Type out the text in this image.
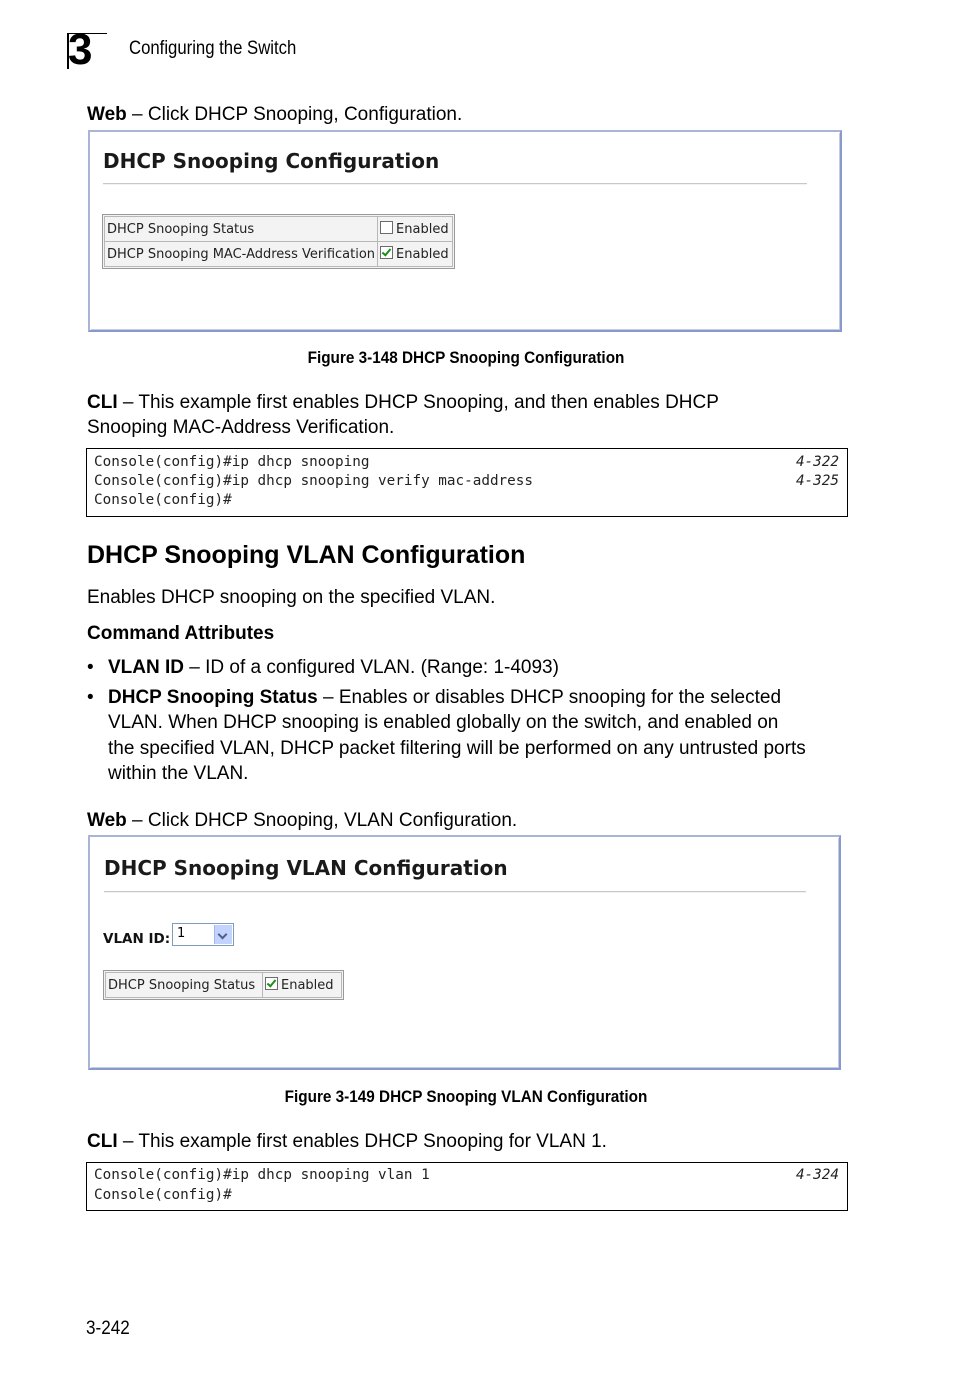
3	Configuring the Switch
Web – Click DHCP Snooping, Configuration.
DHCP Snooping Configuration
DHCP Snooping Status	Enabled
DHCP Snooping MAC-Address Verification	Enabled
Figure 3-148 DHCP Snooping Configuration
CLI – This example first enables DHCP Snooping, and then enables DHCP
Snooping MAC-Address Verification.
Console(config)#ip dhcp snooping	4-322
Console(config)#ip dhcp snooping verify mac-address	4-325
Console(config)#
DHCP Snooping VLAN Configuration
Enables DHCP snooping on the specified VLAN.
Command Attributes
• VLAN ID – ID of a configured VLAN. (Range: 1-4093)
• DHCP Snooping Status – Enables or disables DHCP snooping for the selected
VLAN. When DHCP snooping is enabled globally on the switch, and enabled on
the specified VLAN, DHCP packet filtering will be performed on any untrusted ports
within the VLAN.
Web – Click DHCP Snooping, VLAN Configuration.
DHCP Snooping VLAN Configuration
VLAN ID: 1
DHCP Snooping Status	Enabled
Figure 3-149 DHCP Snooping VLAN Configuration
CLI – This example first enables DHCP Snooping for VLAN 1.
Console(config)#ip dhcp snooping vlan 1	4-324
Console(config)#
3-242
